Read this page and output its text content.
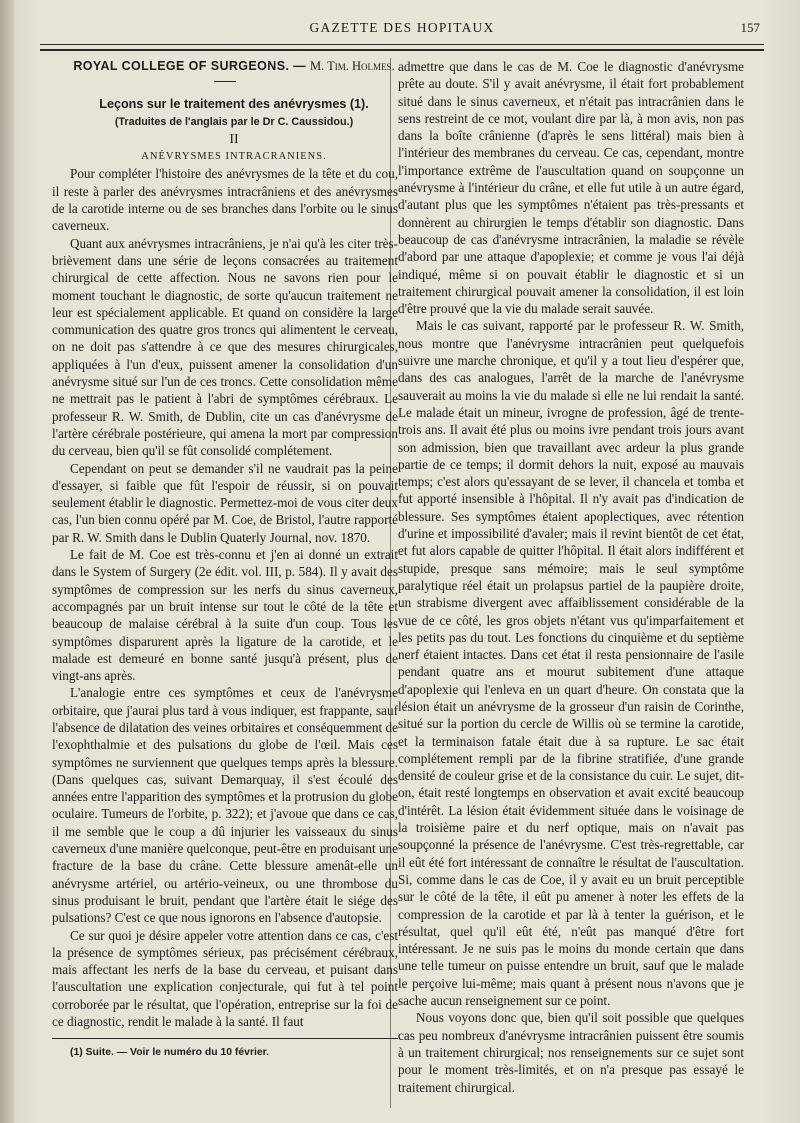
GAZETTE DES HOPITAUX	157

ROYAL COLLEGE OF SURGEONS. — M. Tim. Holmes.

Leçons sur le traitement des anévrysmes (1).

(Traduites de l'anglais par le Dr C. Caussidou.)

II

ANÉVRYSMES INTRACRANIENS.

Pour compléter l'histoire des anévrysmes de la tête et du cou, il reste à parler des anévrysmes intracrâniens et des anévrysmes de la carotide interne ou de ses branches dans l'orbite ou le sinus caverneux.

Quant aux anévrysmes intracrâniens, je n'ai qu'à les citer très-brièvement dans une série de leçons consacrées au traitement chirurgical de cette affection. Nous ne savons rien pour le moment touchant le diagnostic, de sorte qu'aucun traitement ne leur est spécialement applicable. Et quand on considère la large communication des quatre gros troncs qui alimentent le cerveau, on ne doit pas s'attendre à ce que des mesures chirurgicales, appliquées à l'un d'eux, puissent amener la consolidation d'un anévrysme situé sur l'un de ces troncs. Cette consolidation même ne mettrait pas le patient à l'abri de symptômes cérébraux. Le professeur R. W. Smith, de Dublin, cite un cas d'anévrysme de l'artère cérébrale postérieure, qui amena la mort par compression du cerveau, bien qu'il se fût consolidé complétement.

Cependant on peut se demander s'il ne vaudrait pas la peine d'essayer, si faible que fût l'espoir de réussir, si on pouvait seulement établir le diagnostic. Permettez-moi de vous citer deux cas, l'un bien connu opéré par M. Coe, de Bristol, l'autre rapporté par R. W. Smith dans le Dublin Quaterly Journal, nov. 1870.

Le fait de M. Coe est très-connu et j'en ai donné un extrait dans le System of Surgery (2e édit. vol. III, p. 584). Il y avait des symptômes de compression sur les nerfs du sinus caverneux, accompagnés par un bruit intense sur tout le côté de la tête et beaucoup de malaise cérébral à la suite d'un coup. Tous les symptômes disparurent après la ligature de la carotide, et le malade est demeuré en bonne santé jusqu'à présent, plus de vingt-ans après.

L'analogie entre ces symptômes et ceux de l'anévrysme orbitaire, que j'aurai plus tard à vous indiquer, est frappante, sauf l'absence de dilatation des veines orbitaires et conséquemment de l'exophthalmie et des pulsations du globe de l'œil. Mais ces symptômes ne surviennent que quelques temps après la blessure. (Dans quelques cas, suivant Demarquay, il s'est écoulé des années entre l'apparition des symptômes et la protrusion du globe oculaire. Tumeurs de l'orbite, p. 322); et j'avoue que dans ce cas, il me semble que le coup a dû injurier les vaisseaux du sinus caverneux d'une manière quelconque, peut-être en produisant une fracture de la base du crâne. Cette blessure amenât-elle un anévrysme artériel, ou artério-veineux, ou une thrombose du sinus produisant le bruit, pendant que l'artère était le siége des pulsations? C'est ce que nous ignorons en l'absence d'autopsie.

Ce sur quoi je désire appeler votre attention dans ce cas, c'est la présence de symptômes sérieux, pas précisément cérébraux, mais affectant les nerfs de la base du cerveau, et puisant dans l'auscultation une explication conjecturale, qui fut à tel point corroborée par le résultat, que l'opération, entreprise sur la foi de ce diagnostic, rendit le malade à la santé. Il faut

(1) Suite. — Voir le numéro du 10 février.

admettre que dans le cas de M. Coe le diagnostic d'anévrysme prête au doute. S'il y avait anévrysme, il était fort probablement situé dans le sinus caverneux, et n'était pas intracrânien dans le sens restreint de ce mot, voulant dire par là, à mon avis, non pas dans la boîte crânienne (d'après le sens littéral) mais bien à l'intérieur des membranes du cerveau. Ce cas, cependant, montre l'importance extrême de l'auscultation quand on soupçonne un anévrysme à l'intérieur du crâne, et elle fut utile à un autre égard, d'autant plus que les symptômes n'étaient pas très-pressants et donnèrent au chirurgien le temps d'établir son diagnostic. Dans beaucoup de cas d'anévrysme intracrânien, la maladie se révèle d'abord par une attaque d'apoplexie; et comme je vous l'ai déjà indiqué, même si on pouvait établir le diagnostic et si un traitement chirurgical pouvait amener la consolidation, il est loin d'être prouvé que la vie du malade serait sauvée.

Mais le cas suivant, rapporté par le professeur R. W. Smith, nous montre que l'anévrysme intracrânien peut quelquefois suivre une marche chronique, et qu'il y a tout lieu d'espérer que, dans des cas analogues, l'arrêt de la marche de l'anévrysme sauverait au moins la vie du malade si elle ne lui rendait la santé. Le malade était un mineur, ivrogne de profession, âgé de trente-trois ans. Il avait été plus ou moins ivre pendant trois jours avant son admission, bien que travaillant avec ardeur la plus grande partie de ce temps; il dormit dehors la nuit, exposé au mauvais temps; c'est alors qu'essayant de se lever, il chancela et tomba et fut apporté insensible à l'hôpital. Il n'y avait pas d'indication de blessure. Ses symptômes étaient apoplectiques, avec rétention d'urine et impossibilité d'avaler; mais il revint bientôt de cet état, et fut alors capable de quitter l'hôpital. Il était alors indifférent et stupide, presque sans mémoire; mais le seul symptôme paralytique réel était un prolapsus partiel de la paupière droite, un strabisme divergent avec affaiblissement considérable de la vue de ce côté, les gros objets n'étant vus qu'imparfaitement et les petits pas du tout. Les fonctions du cinquième et du septième nerf étaient intactes. Dans cet état il resta pensionnaire de l'asile pendant quatre ans et mourut subitement d'une attaque d'apoplexie qui l'enleva en un quart d'heure. On constata que la lésion était un anévrysme de la grosseur d'un raisin de Corinthe, situé sur la portion du cercle de Willis où se termine la carotide, et la terminaison fatale était due à sa rupture. Le sac était complétement rempli par de la fibrine stratifiée, d'une grande densité de couleur grise et de la consistance du cuir. Le sujet, dit-on, était resté longtemps en observation et avait excité beaucoup d'intérêt. La lésion était évidemment située dans le voisinage de la troisième paire et du nerf optique, mais on n'avait pas soupçonné la présence de l'anévrysme. C'est très-regrettable, car il eût été fort intéressant de connaître le résultat de l'auscultation. Si, comme dans le cas de Coe, il y avait eu un bruit perceptible sur le côté de la tête, il eût pu amener à noter les effets de la compression de la carotide et par là à tenter la guérison, et le résultat, quel qu'il eût été, n'eût pas manqué d'être fort intéressant. Je ne suis pas le moins du monde certain que dans une telle tumeur on puisse entendre un bruit, sauf que le malade le perçoive lui-même; mais quant à présent nous n'avons que je sache aucun renseignement sur ce point.

Nous voyons donc que, bien qu'il soit possible que quelques cas peu nombreux d'anévrysme intracrânien puissent être soumis à un traitement chirurgical; nos renseignements sur ce sujet sont pour le moment très-limités, et on n'a presque pas essayé le traitement chirurgical.
